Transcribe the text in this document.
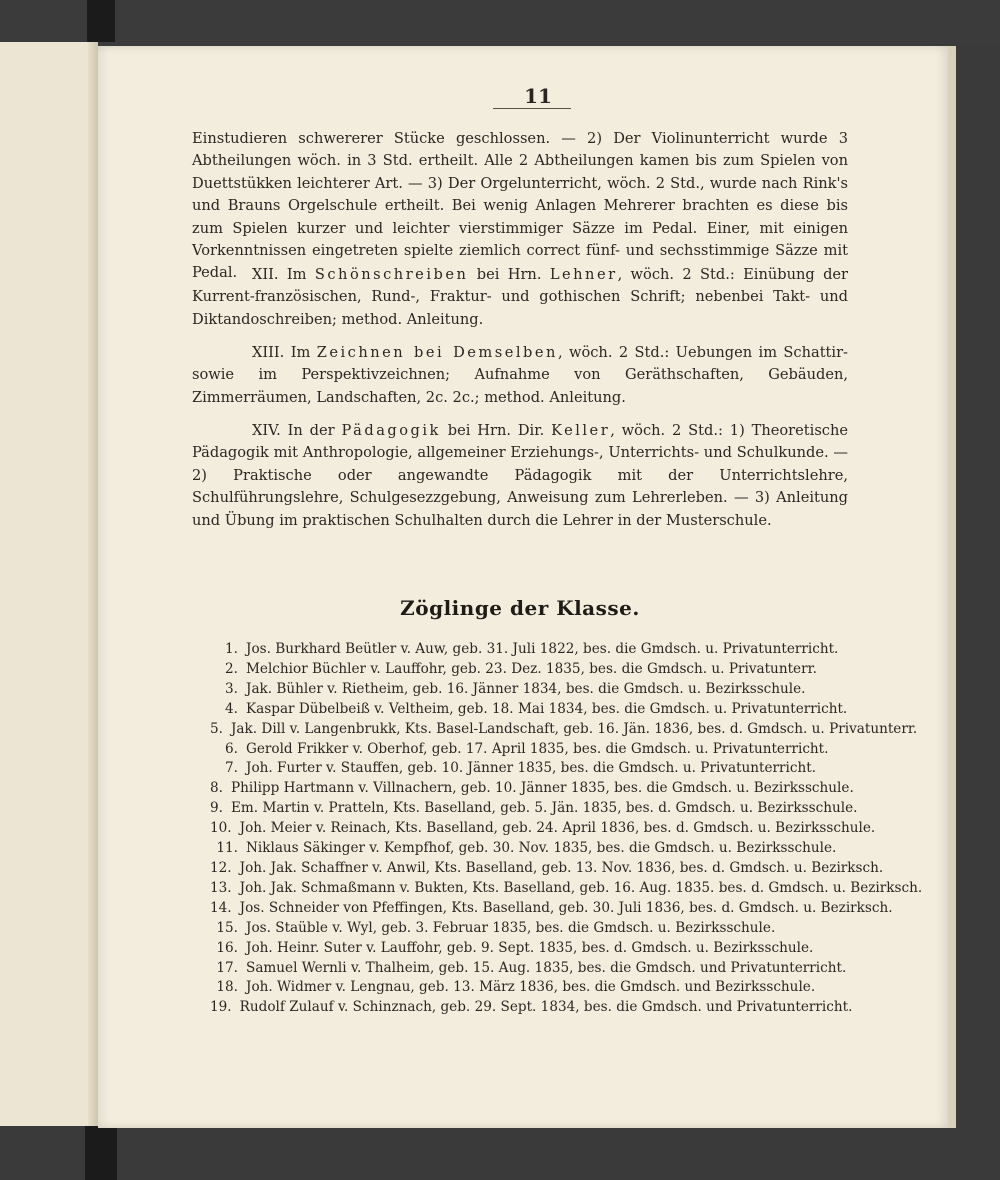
11

Einstudieren schwererer Stücke geschlossen. — 2) Der Violinunterricht wurde 3 Abtheilungen wöch. in 3 Std. ertheilt. Alle 2 Abtheilungen kamen bis zum Spielen von Duettstükken leichterer Art. — 3) Der Orgelunterricht, wöch. 2 Std., wurde nach Rink's und Brauns Orgelschule ertheilt. Bei wenig Anlagen Mehrerer brachten es diese bis zum Spielen kurzer und leichter vierstimmiger Säzze im Pedal. Einer, mit einigen Vorkenntnissen eingetreten spielte ziemlich correct fünf- und sechsstimmige Säzze mit Pedal.	XII. Im Schönschreiben bei Hrn. Lehner, wöch. 2 Std.: Einübung der Kurrent-französischen, Rund-, Fraktur- und gothischen Schrift; nebenbei Takt- und Diktandoschreiben; method. Anleitung.

XIII. Im Zeichnen bei Demselben, wöch. 2 Std.: Uebungen im Schattir- sowie im Perspektivzeichnen; Aufnahme von Geräthschaften, Gebäuden, Zimmerräumen, Landschaften, 2c. 2c.; method. Anleitung.

XIV. In der Pädagogik bei Hrn. Dir. Keller, wöch. 2 Std.: 1) Theoretische Pädagogik mit Anthropologie, allgemeiner Erziehungs-, Unterrichts- und Schulkunde. — 2) Praktische oder angewandte Pädagogik mit der Unterrichtslehre, Schulführungslehre, Schulgesezzgebung, Anweisung zum Lehrerleben. — 3) Anleitung und Übung im praktischen Schulhalten durch die Lehrer in der Musterschule.

Zöglinge der Klasse.
1. Jos. Burkhard Beütler v. Auw, geb. 31. Juli 1822, bes. die Gmdsch. u. Privatunterricht.
2. Melchior Büchler v. Lauffohr, geb. 23. Dez. 1835, bes. die Gmdsch. u. Privatunterr.
3. Jak. Bühler v. Rietheim, geb. 16. Jänner 1834, bes. die Gmdsch. u. Bezirksschule.
4. Kaspar Dübelbeiß v. Veltheim, geb. 18. Mai 1834, bes. die Gmdsch. u. Privatunterricht.
5. Jak. Dill v. Langenbrukk, Kts. Basel-Landschaft, geb. 16. Jän. 1836, bes. d. Gmdsch. u. Privatunterr.
6. Gerold Frikker v. Oberhof, geb. 17. April 1835, bes. die Gmdsch. u. Privatunterricht.
7. Joh. Furter v. Stauffen, geb. 10. Jänner 1835, bes. die Gmdsch. u. Privatunterricht.
8. Philipp Hartmann v. Villnachern, geb. 10. Jänner 1835, bes. die Gmdsch. u. Bezirksschule.
9. Em. Martin v. Pratteln, Kts. Baselland, geb. 5. Jän. 1835, bes. d. Gmdsch. u. Bezirksschule.
10. Joh. Meier v. Reinach, Kts. Baselland, geb. 24. April 1836, bes. d. Gmdsch. u. Bezirksschule.
11. Niklaus Säkinger v. Kempfhof, geb. 30. Nov. 1835, bes. die Gmdsch. u. Bezirksschule.
12. Joh. Jak. Schaffner v. Anwil, Kts. Baselland, geb. 13. Nov. 1836, bes. d. Gmdsch. u. Bezirksch.
13. Joh. Jak. Schmaßmann v. Bukten, Kts. Baselland, geb. 16. Aug. 1835. bes. d. Gmdsch. u. Bezirksch.
14. Jos. Schneider von Pfeffingen, Kts. Baselland, geb. 30. Juli 1836, bes. d. Gmdsch. u. Bezirksch.
15. Jos. Staüble v. Wyl, geb. 3. Februar 1835, bes. die Gmdsch. u. Bezirksschule.
16. Joh. Heinr. Suter v. Lauffohr, geb. 9. Sept. 1835, bes. d. Gmdsch. u. Bezirksschule.
17. Samuel Wernli v. Thalheim, geb. 15. Aug. 1835, bes. die Gmdsch. und Privatunterricht.
18. Joh. Widmer v. Lengnau, geb. 13. März 1836, bes. die Gmdsch. und Bezirksschule.
19. Rudolf Zulauf v. Schinznach, geb. 29. Sept. 1834, bes. die Gmdsch. und Privatunterricht.
